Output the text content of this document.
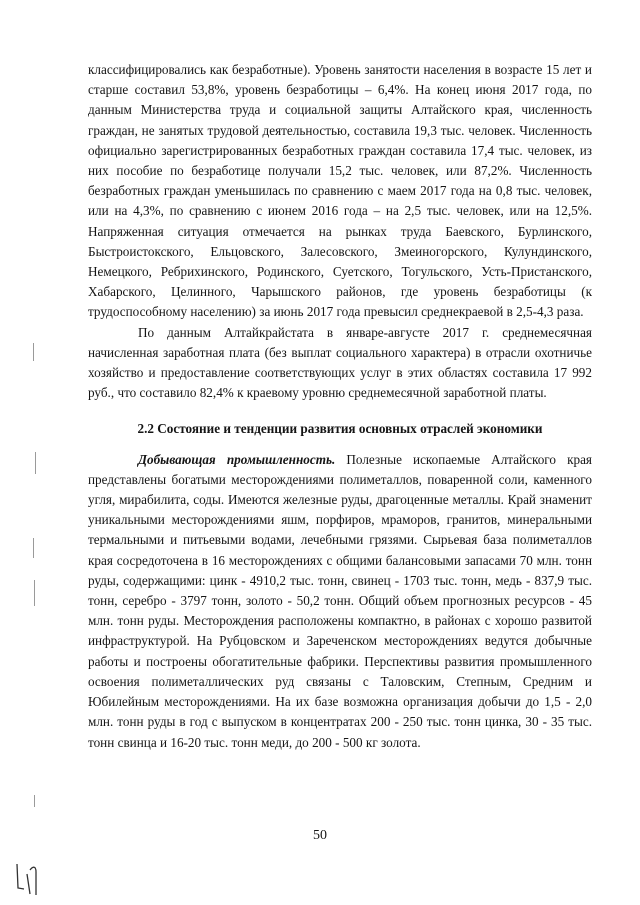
классифицировались как безработные). Уровень занятости населения в возрасте 15 лет и старше составил 53,8%, уровень безработицы – 6,4%. На конец июня 2017 года, по данным Министерства труда и социальной защиты Алтайского края, численность граждан, не занятых трудовой деятельностью, составила 19,3 тыс. человек. Численность официально зарегистрированных безработных граждан составила 17,4 тыс. человек, из них пособие по безработице получали 15,2 тыс. человек, или 87,2%. Численность безработных граждан уменьшилась по сравнению с маем 2017 года на 0,8 тыс. человек, или на 4,3%, по сравнению с июнем 2016 года – на 2,5 тыс. человек, или на 12,5%. Напряженная ситуация отмечается на рынках труда Баевского, Бурлинского, Быстроистокского, Ельцовского, Залесовского, Змеиногорского, Кулундинского, Немецкого, Ребрихинского, Родинского, Суетского, Тогульского, Усть-Пристанского, Хабарского, Целинного, Чарышского районов, где уровень безработицы (к трудоспособному населению) за июнь 2017 года превысил среднекраевой в 2,5-4,3 раза.

По данным Алтайкрайстата в январе-августе 2017 г. среднемесячная начисленная заработная плата (без выплат социального характера) в отрасли охотничье хозяйство и предоставление соответствующих услуг в этих областях составила 17 992 руб., что составило 82,4% к краевому уровню среднемесячной заработной платы.

2.2 Состояние и тенденции развития основных отраслей экономики

Добывающая промышленность. Полезные ископаемые Алтайского края представлены богатыми месторождениями полиметаллов, поваренной соли, каменного угля, мирабилита, соды. Имеются железные руды, драгоценные металлы. Край знаменит уникальными месторождениями яшм, порфиров, мраморов, гранитов, минеральными термальными и питьевыми водами, лечебными грязями. Сырьевая база полиметаллов края сосредоточена в 16 месторождениях с общими балансовыми запасами 70 млн. тонн руды, содержащими: цинк - 4910,2 тыс. тонн, свинец - 1703 тыс. тонн, медь - 837,9 тыс. тонн, серебро - 3797 тонн, золото - 50,2 тонн. Общий объем прогнозных ресурсов - 45 млн. тонн руды. Месторождения расположены компактно, в районах с хорошо развитой инфраструктурой. На Рубцовском и Зареченском месторождениях ведутся добычные работы и построены обогатительные фабрики. Перспективы развития промышленного освоения полиметаллических руд связаны с Таловским, Степным, Средним и Юбилейным месторождениями. На их базе возможна организация добычи до 1,5 - 2,0 млн. тонн руды в год с выпуском в концентратах 200 - 250 тыс. тонн цинка, 30 - 35 тыс. тонн свинца и 16-20 тыс. тонн меди, до 200 - 500 кг золота.

50
